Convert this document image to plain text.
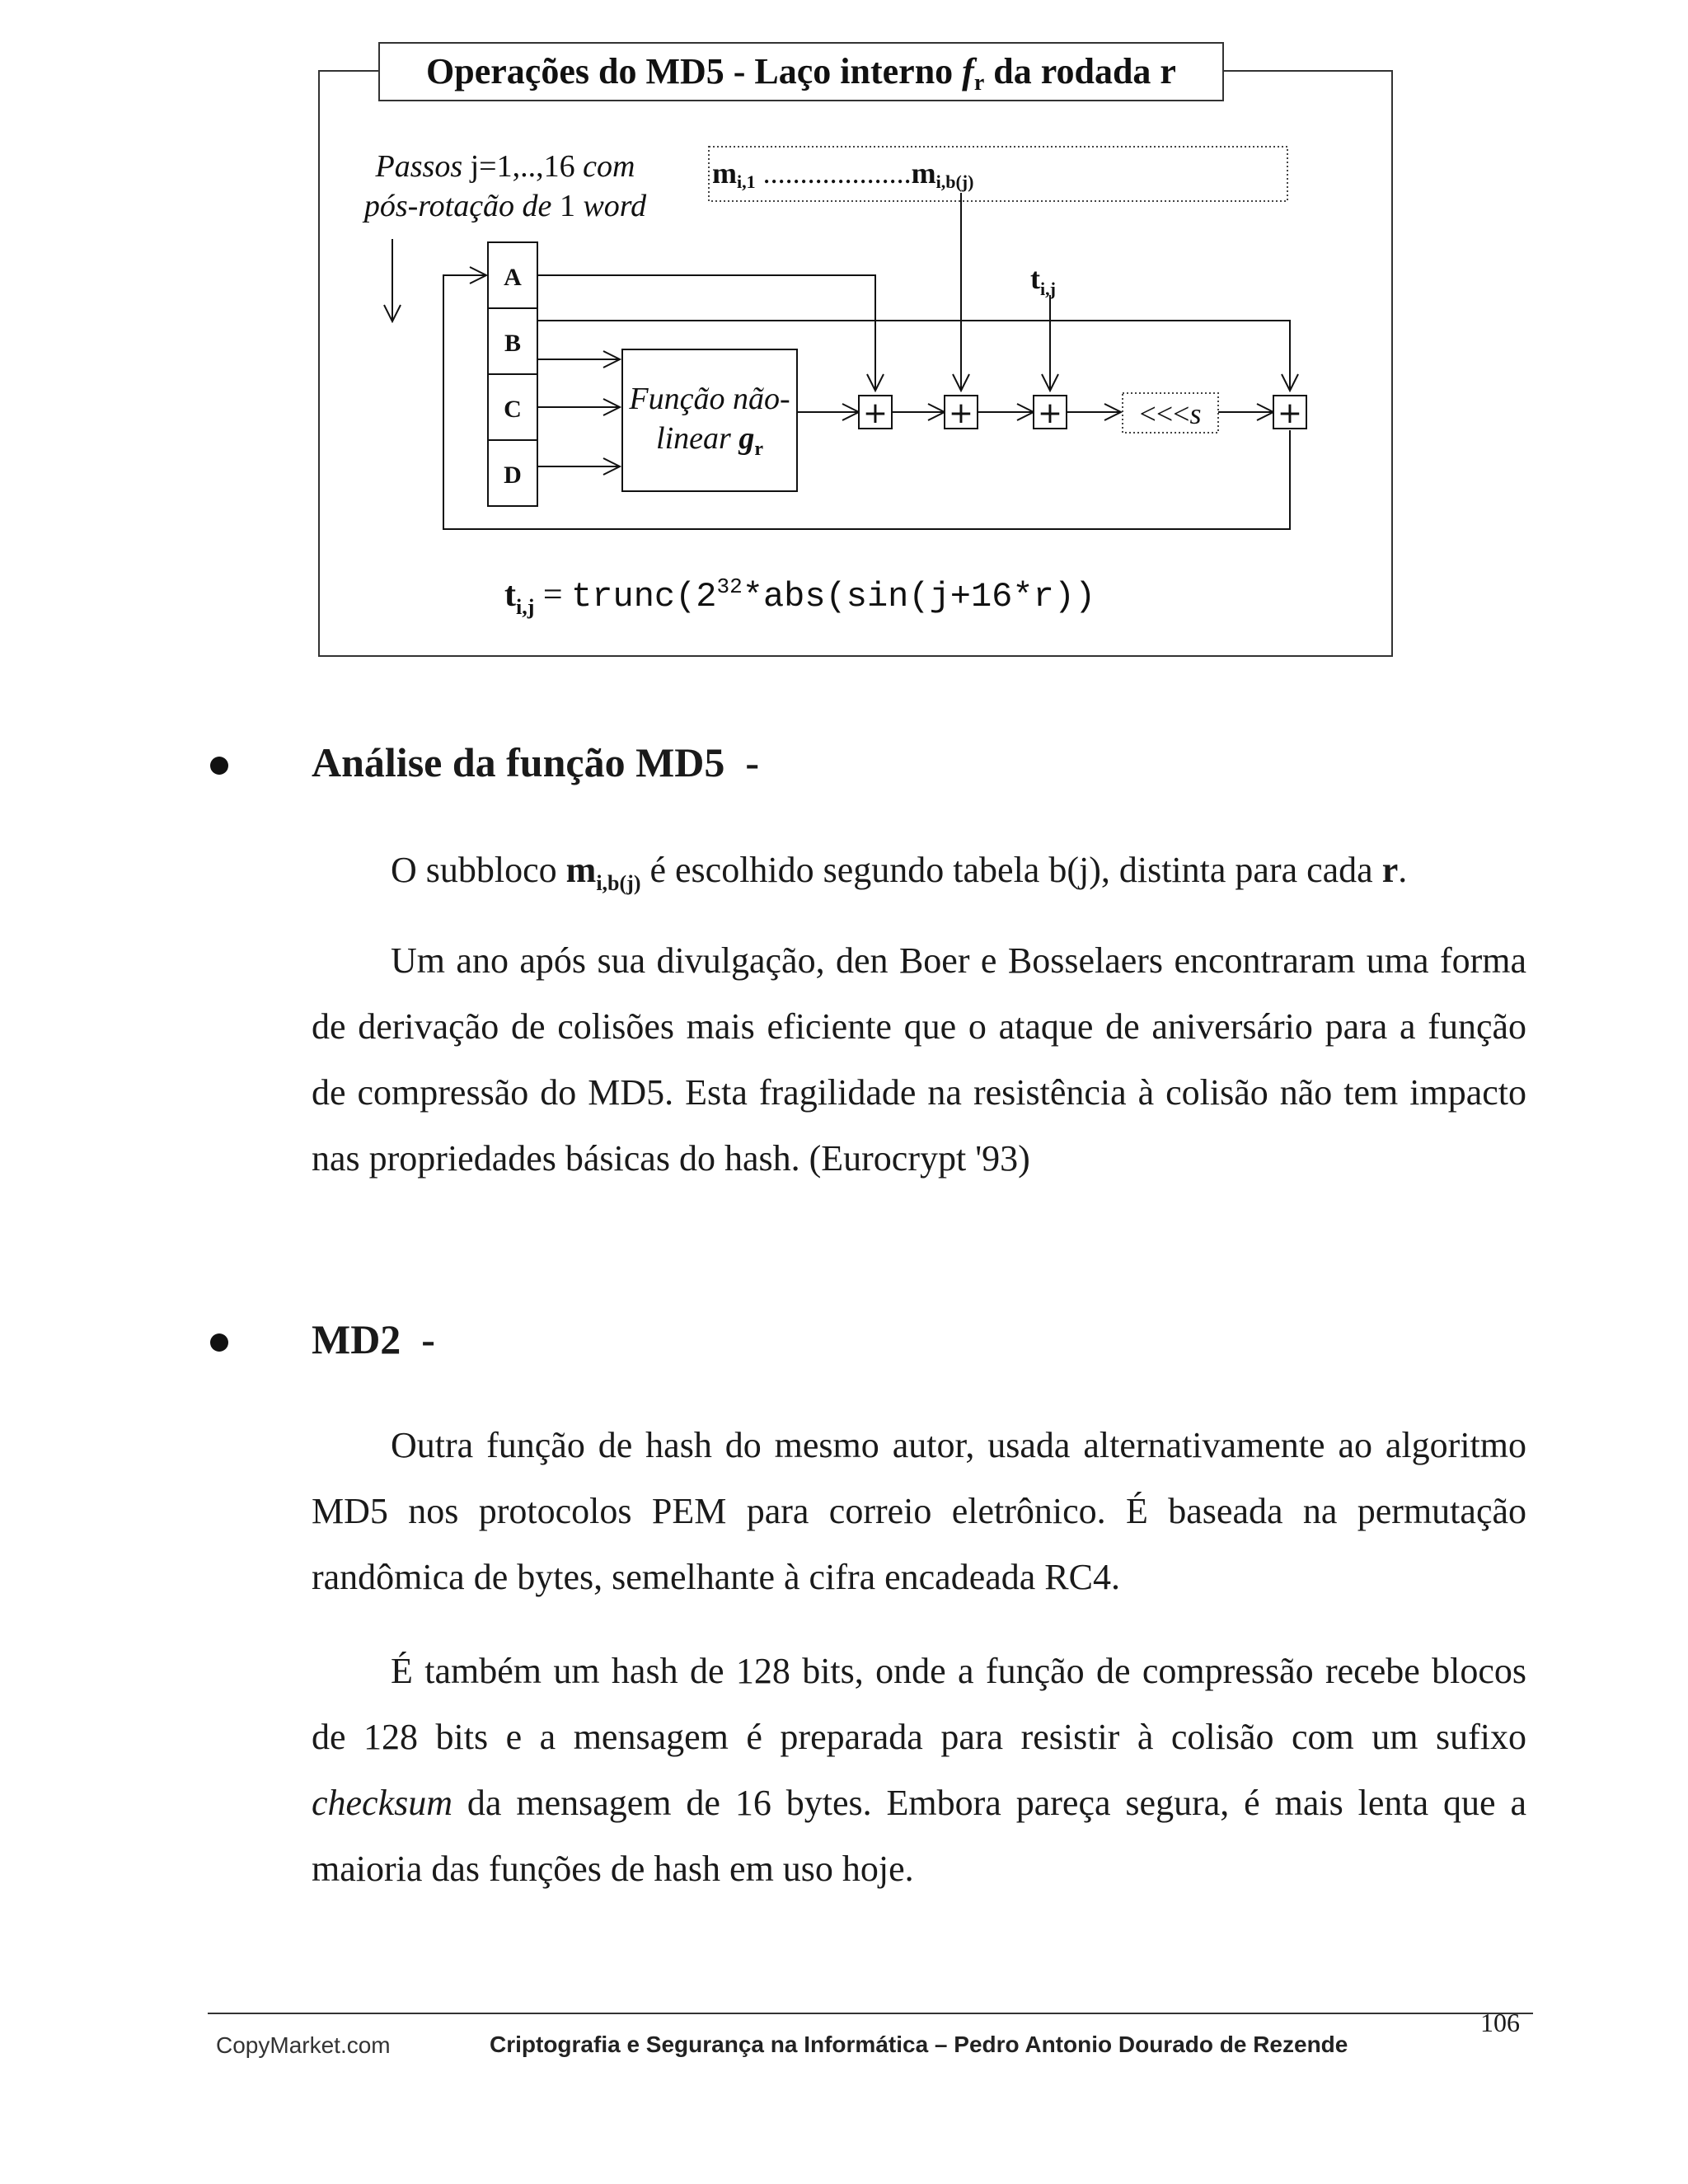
Operações do MD5 - Laço interno fr da rodada r
Passos j=1,..,16 com
pós-rotação de 1 word
mi,1 ....................mi,b(j)
$t_{i,j}$
A
B
C
D
Função não-
linear $g_r$
+ + +	+
<<<s
$t_{i,j}$ = $trunc(2^{32}*abs(\sin(j+16*r))$
Análise da função MD5  -
O subbloco $m_{i,b(j)}$ é escolhido segundo tabela b(j), distinta para cada r.
Um ano após sua divulgação, den Boer e Bosselaers encontraram uma forma de derivação de colisões mais eficiente que o ataque de aniversário para a função de compressão do MD5. Esta fragilidade na resistência à colisão não tem impacto nas propriedades básicas do hash. (Eurocrypt '93)
MD2  -
Outra função de hash do mesmo autor, usada alternativamente ao algoritmo MD5 nos protocolos PEM para correio eletrônico. É baseada na permutação randômica de bytes, semelhante à cifra encadeada RC4.
É também um hash de 128 bits, onde a função de compressão recebe blocos de 128 bits e a mensagem é preparada para resistir à colisão com um sufixo checksum da mensagem de 16 bytes. Embora pareça segura, é mais lenta que a maioria das funções de hash em uso hoje.
106
CopyMarket.com	Criptografia e Segurança na Informática – Pedro Antonio Dourado de Rezende
